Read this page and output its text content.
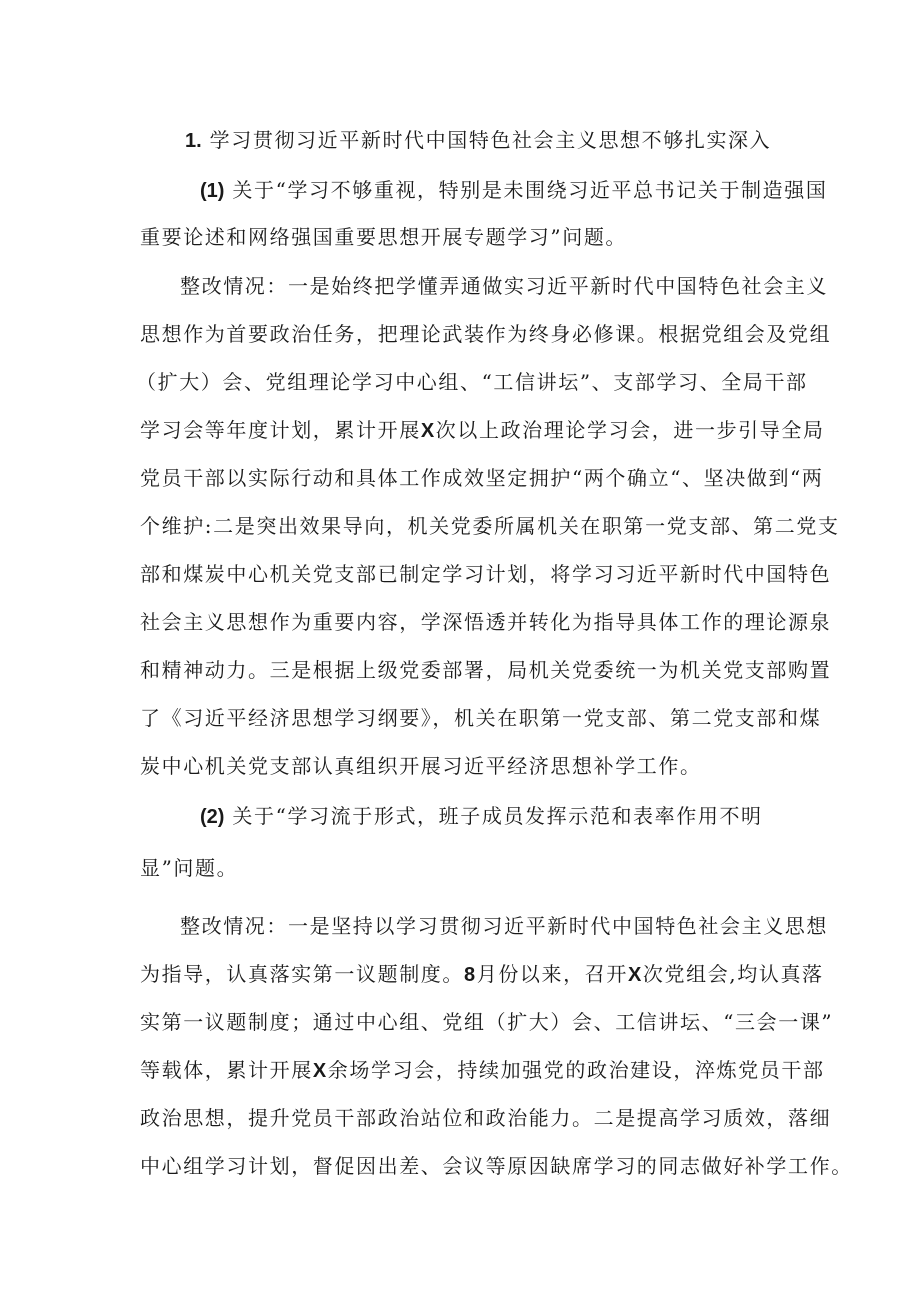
1. 学习贯彻习近平新时代中国特色社会主义思想不够扎实深入
(1) 关于“学习不够重视，特别是未围绕习近平总书记关于制造强国
重要论述和网络强国重要思想开展专题学习”问题。
整改情况：一是始终把学懂弄通做实习近平新时代中国特色社会主义
思想作为首要政治任务，把理论武装作为终身必修课。根据党组会及党组
（扩大）会、党组理论学习中心组、“工信讲坛”、支部学习、全局干部
学习会等年度计划，累计开展X次以上政治理论学习会，进一步引导全局
党员干部以实际行动和具体工作成效坚定拥护“两个确立“、坚决做到“两
个维护:二是突出效果导向，机关党委所属机关在职第一党支部、第二党支
部和煤炭中心机关党支部已制定学习计划，将学习习近平新时代中国特色
社会主义思想作为重要内容，学深悟透并转化为指导具体工作的理论源泉
和精神动力。三是根据上级党委部署，局机关党委统一为机关党支部购置
了《习近平经济思想学习纲要》，机关在职第一党支部、第二党支部和煤
炭中心机关党支部认真组织开展习近平经济思想补学工作。
(2) 关于“学习流于形式，班子成员发挥示范和表率作用不明
显”问题。
整改情况：一是坚持以学习贯彻习近平新时代中国特色社会主义思想
为指导，认真落实第一议题制度。8月份以来，召开X次党组会,均认真落
实第一议题制度；通过中心组、党组（扩大）会、工信讲坛、“三会一课”
等载体，累计开展X余场学习会，持续加强党的政治建设，淬炼党员干部
政治思想，提升党员干部政治站位和政治能力。二是提高学习质效，落细
中心组学习计划，督促因出差、会议等原因缺席学习的同志做好补学工作。
